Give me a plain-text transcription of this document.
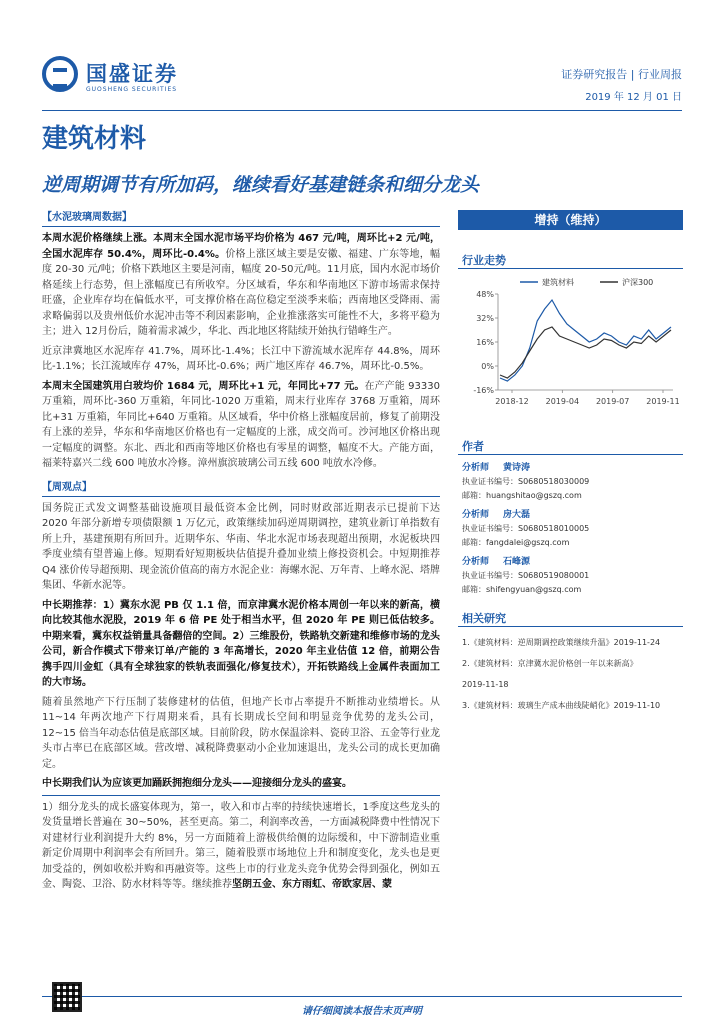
国盛证券
GUOSHENG SECURITIES
证券研究报告 | 行业周报
2019 年 12 月 01 日
建筑材料
逆周期调节有所加码，继续看好基建链条和细分龙头
【水泥玻璃周数据】
本周水泥价格继续上涨。本周末全国水泥市场平均价格为 467 元/吨，周环比+2 元/吨，全国水泥库存 50.4%，周环比-0.4%。价格上涨区域主要是安徽、福建、广东等地，幅度 20-30 元/吨；价格下跌地区主要是河南，幅度 20-50元/吨。11月底，国内水泥市场价格延续上行态势，但上涨幅度已有所收窄。分区域看，华东和华南地区下游市场需求保持旺盛，企业库存均在偏低水平，可支撑价格在高位稳定至淡季来临；西南地区受降雨、需求略偏弱以及贵州低价水泥冲击等不利因素影响，企业推涨落实可能性不大，多将平稳为主；进入 12月份后，随着需求减少，华北、西北地区将陆续开始执行错峰生产。
近京津冀地区水泥库存 41.7%，周环比-1.4%；长江中下游流域水泥库存 44.8%，周环比-1.1%；长江流域库存 47%，周环比-0.6%；两广地区库存 46.7%，周环比-0.5%。
本周末全国建筑用白玻均价 1684 元，周环比+1 元，年同比+77 元。在产产能 93330 万重箱，周环比-360 万重箱，年同比-1020 万重箱，周末行业库存 3768 万重箱，周环比+31 万重箱，年同比+640 万重箱。从区域看，华中价格上涨幅度居前，修复了前期没有上涨的差异，华东和华南地区价格也有一定幅度的上涨，成交尚可。沙河地区价格出现一定幅度的调整。东北、西北和西南等地区价格也有零星的调整，幅度不大。产能方面，福莱特嘉兴二线 600 吨放水冷修。漳州旗滨玻璃公司五线 600 吨放水冷修。
【周观点】
国务院正式发文调整基础设施项目最低资本金比例，同时财政部近期表示已提前下达 2020 年部分新增专项债限额 1 万亿元，政策继续加码逆周期调控，建筑业新订单指数有所上升，基建预期有所回升。近期华东、华南、华北水泥市场表现超出预期，水泥板块四季度业绩有望普遍上修。短期看好短期板块估值提升叠加业绩上修投资机会。中短期推荐 Q4 涨价传导超预期、现金流价值高的南方水泥企业：海螺水泥、万年青、上峰水泥、塔牌集团、华新水泥等。
中长期推荐：1）冀东水泥 PB 仅 1.1 倍，而京津冀水泥价格本周创一年以来的新高，横向比较其他水泥股，2019 年 6 倍 PE 处于相当水平，但 2020 年 PE 则已低估较多。中期来看，冀东权益销量具备翻倍的空间。2）三维股份，铁路轨交新建和维修市场的龙头公司，新合作模式下带来订单/产能的 3 年高增长，2020 年主业估值 12 倍，前期公告携手四川金虹（具有全球独家的铁轨表面强化/修复技术），开拓铁路线上金属件表面加工的大市场。
随着虽然地产下行压制了装修建材的估值，但地产长市占率提升不断推动业绩增长。从 11~14 年两次地产下行周期来看，具有长期成长空间和明显竞争优势的龙头公司，12~15 倍当年动态估值是底部区域。目前阶段，防水保温涂料、瓷砖卫浴、五金等行业龙头市占率已在底部区域。营改增、减税降费驱动小企业加速退出，龙头公司的成长更加确定。
中长期我们认为应该更加踊跃拥抱细分龙头——迎接细分龙头的盛宴。
1）细分龙头的成长盛宴体现为，第一，收入和市占率的持续快速增长，1季度这些龙头的发货量增长普遍在 30~50%，甚至更高。第二，利润率改善，一方面减税降费中性情况下对建材行业利润提升大约 8%，另一方面随着上游极供给侧的边际缓和，中下游制造业重新定价周期中利润率会有所回升。第三，随着股票市场地位上升和制度变化，龙头也是更加受益的，例如收松并购和再融资等。这些上市的行业龙头竞争优势会得到强化，例如五金、陶瓷、卫浴、防水材料等等。继续推荐坚朗五金、东方雨虹、帝欧家居、蒙
增持（维持）
行业走势
48%
32%
16%
0%
-16%
2018-12 2019-04 2019-07 2019-11
建筑材料	沪深300
作者
分析师 黄诗涛
执业证书编号：S0680518030009
邮箱：huangshitao@gszq.com
分析师 房大磊
执业证书编号：S0680518010005
邮箱：fangdalei@gszq.com
分析师 石峰源
执业证书编号：S0680519080001
邮箱：shifengyuan@gszq.com
相关研究
1.《建筑材料：逆周期调控政策继续升温》2019-11-24
2.《建筑材料：京津冀水泥价格创一年以来新高》
2019-11-18
3.《建筑材料：玻璃生产成本曲线陡峭化》2019-11-10
请仔细阅读本报告末页声明
